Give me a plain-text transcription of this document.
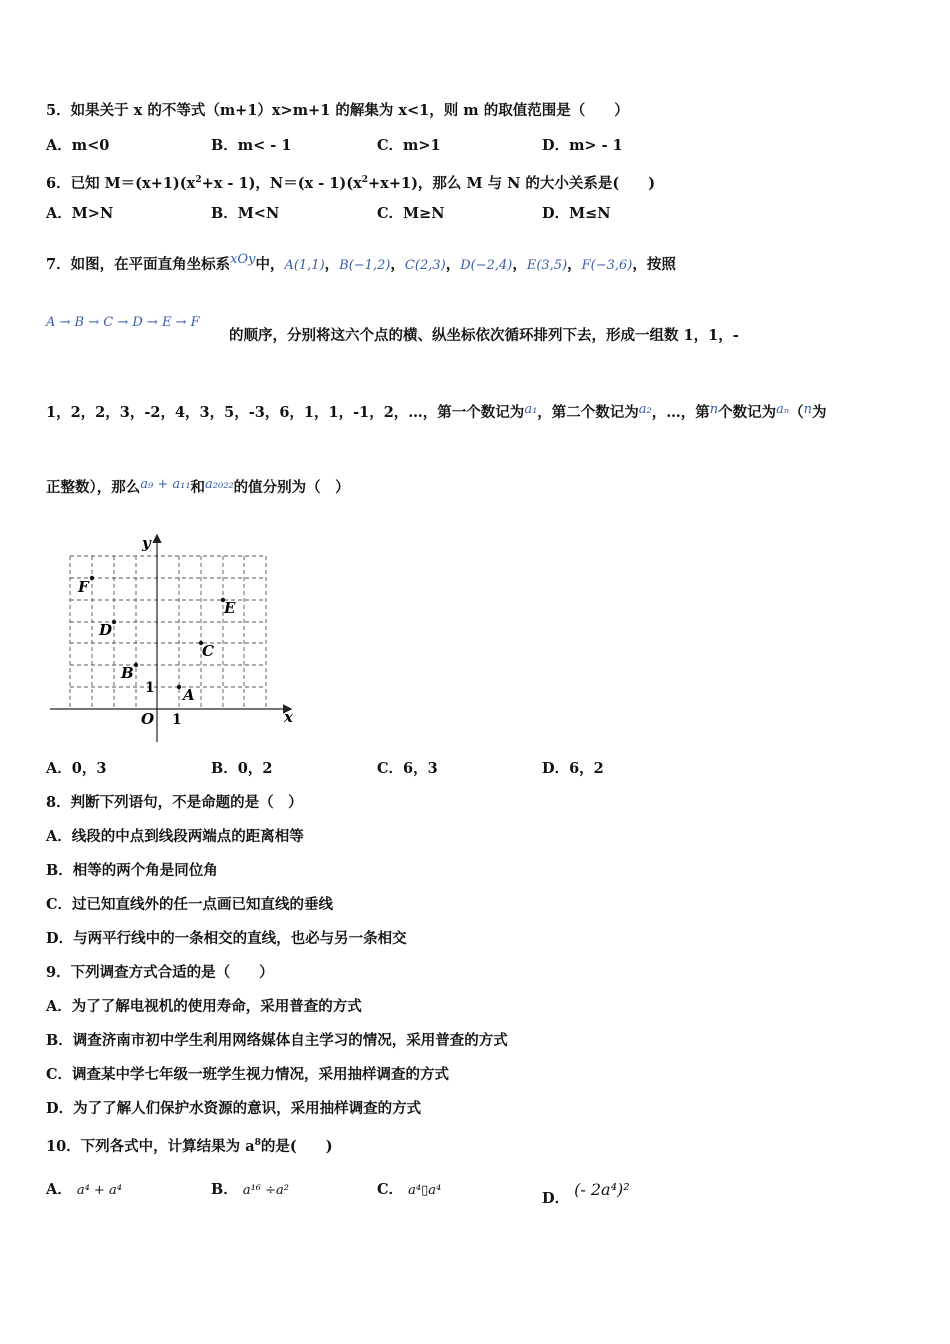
5．如果关于 x 的不等式（m+1）x>m+1 的解集为 x<1，则 m 的取值范围是（　　）
A．m<0	B．m< - 1	C．m>1	D．m> - 1
6．已知 $M=(x+1)(x^2+x - 1)$，$N=(x - 1)(x^2+x+1)$，那么 M 与 N 的大小关系是(　　)
A．M>N	B．M<N	C．M≥N	D．M≤N
7．如图，在平面直角坐标系xOy中，A(1,1)，B(−1,2)，C(2,3)，D(−2,4)，E(3,5)，F(−3,6)，按照
A → B → C → D → E → F
的顺序，分别将这六个点的横、纵坐标依次循环排列下去，形成一组数 1，1，-
1，2，2，3，-2，4，3，5，-3，6，1，1，-1，2，…，第一个数记为a₁，第二个数记为a₂，…，第n个数记为aₙ（n为
正整数），那么a₉ + a₁₁和a₂₀₂₂的值分别为（　）
x
y
O 1
1 A
B
C
D
E
F
A．0，3	B．0，2	C．6，3	D．6，2
8．判断下列语句，不是命题的是（　）
A．线段的中点到线段两端点的距离相等
B．相等的两个角是同位角
C．过已知直线外的任一点画已知直线的垂线
D．与两平行线中的一条相交的直线，也必与另一条相交
9．下列调查方式合适的是（　　）
A．为了了解电视机的使用寿命，采用普查的方式
B．调查济南市初中学生利用网络媒体自主学习的情况，采用普查的方式
C．调查某中学七年级一班学生视力情况，采用抽样调查的方式
D．为了了解人们保护水资源的意识，采用抽样调查的方式
10．下列各式中，计算结果为 $a^8$的是(　　)
A． a⁴ + a⁴	B． a¹⁶ ÷a²	C． a⁴▯a⁴	D． (- 2a⁴)²
